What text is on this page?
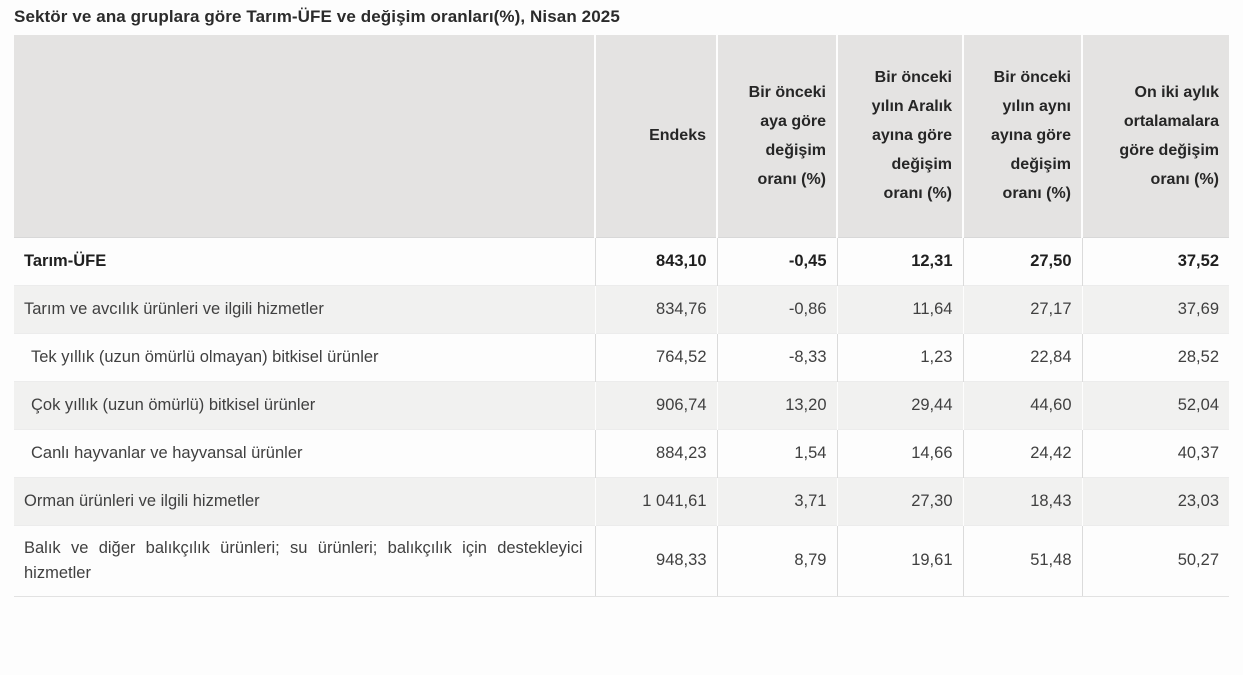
Sektör ve ana gruplara göre Tarım-ÜFE ve değişim oranları(%), Nisan 2025
	Endeks	Bir önceki aya göre değişim oranı (%)	Bir önceki yılın Aralık ayına göre değişim oranı (%)	Bir önceki yılın aynı ayına göre değişim oranı (%)	On iki aylık ortalamalara göre değişim oranı (%)
Tarım-ÜFE	843,10	-0,45	12,31	27,50	37,52
Tarım ve avcılık ürünleri ve ilgili hizmetler	834,76	-0,86	11,64	27,17	37,69
Tek yıllık (uzun ömürlü olmayan) bitkisel ürünler	764,52	-8,33	1,23	22,84	28,52
Çok yıllık (uzun ömürlü) bitkisel ürünler	906,74	13,20	29,44	44,60	52,04
Canlı hayvanlar ve hayvansal ürünler	884,23	1,54	14,66	24,42	40,37
Orman ürünleri ve ilgili hizmetler	1 041,61	3,71	27,30	18,43	23,03
Balık ve diğer balıkçılık ürünleri; su ürünleri; balıkçılık için destekleyici hizmetler	948,33	8,79	19,61	51,48	50,27
